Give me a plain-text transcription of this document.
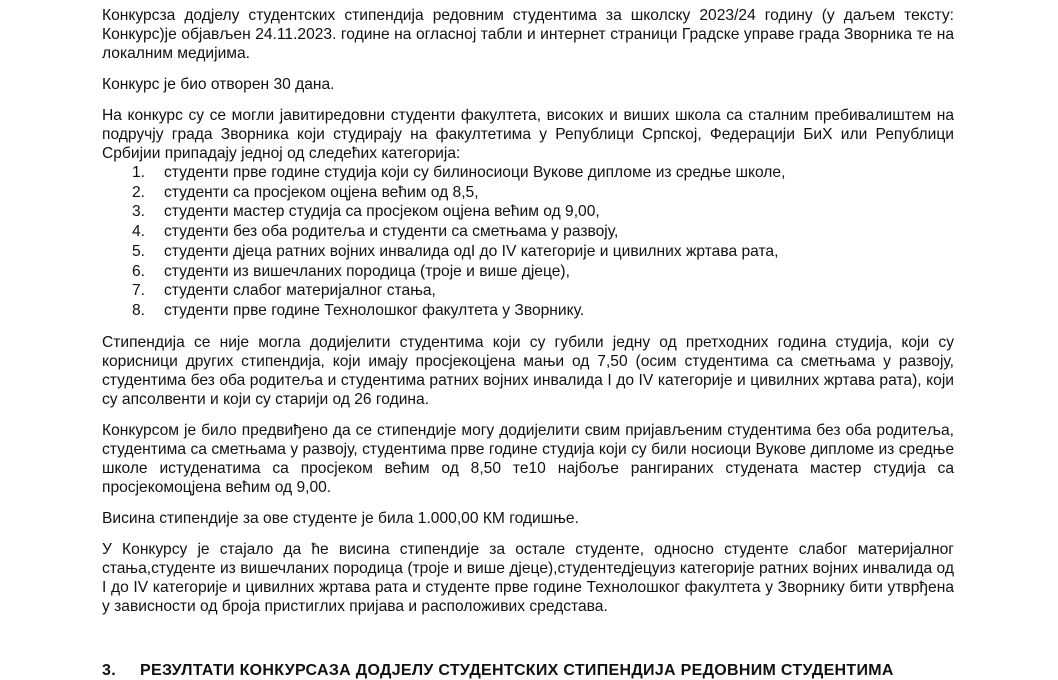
Конкурсза додјелу студентских стипендија редовним студентима за школску 2023/24 годину (у даљем тексту: Конкурс)је објављен 24.11.2023. године на огласној табли и интернет страници Градске управе града Зворника те на локалним медијима.

Конкурс је био отворен 30 дана.

На конкурс су се могли јавитиредовни студенти факултета, високих и виших школа са сталним пребивалиштем на подручју града Зворника који студирају на факултетима у Републици Српској, Федерацији БиХ или Републици Србијии припадају једној од следећих категорија:

1.	студенти прве године студија који су билиносиоци Вукове дипломе из средње школе,
2.	студенти са просјеком оцјена већим од 8,5,
3.	студенти мастер студија са просјеком оцјена већим од 9,00,
4.	студенти без оба родитеља и студенти са сметњама у развоју,
5.	студенти дјеца ратних војних инвалида одI до IV категорије и цивилних жртава рата,
6.	студенти из вишечланих породица (троје и више дјеце),
7.	студенти слабог материјалног стања,
8.	студенти прве године Технолошког факултета у Зворнику.

Стипендија се није могла додијелити студентима који су губили једну од претходних година студија, који су корисници других стипендија, који имају просјекоцјена мањи од 7,50 (осим студентима са сметњама у развоју, студентима без оба родитеља и студентима ратних војних инвалида I до IV категорије и цивилних жртава рата), који су апсолвенти и који су старији од 26 година.

Конкурсом је било предвиђено да се стипендије могу додијелити свим пријављеним студентима без оба родитеља, студентима са сметњама у развоју, студентима прве године студија који су били носиоци Вукове дипломе из средње школе истуденатима са просјеком већим од 8,50 те10 најбоље рангираних студената мастер студија са просјекомоцјена већим од 9,00.

Висина стипендије за ове студенте је била 1.000,00 КМ годишње.

У Конкурсу је стајало да ће висина стипендије за остале студенте, односно студенте слабог материјалног стања,студенте из вишечланих породица (троје и више дјеце),студентедјецуиз категорије ратних војних инвалида од I до IV категорије и цивилних жртава рата и студенте прве године Технолошког факултета у Зворнику бити утврђена у зависности од броја пристиглих пријава и расположивих средстава.

3. РЕЗУЛТАТИ КОНКУРСАЗА ДОДЈЕЛУ СТУДЕНТСКИХ СТИПЕНДИЈА РЕДОВНИМ СТУДЕНТИМА
